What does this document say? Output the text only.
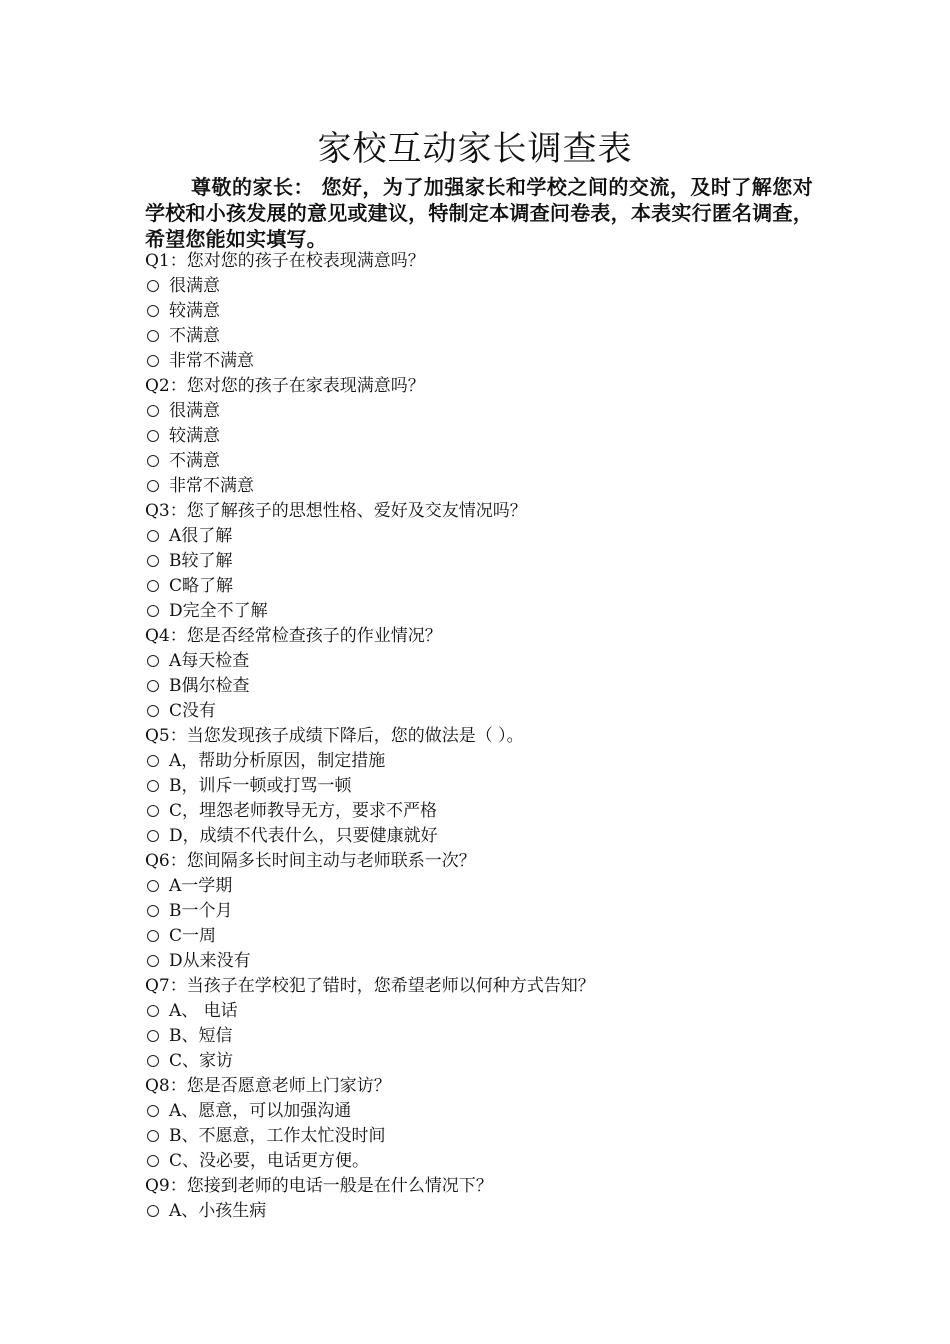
家校互动家长调查表
尊敬的家长： 您好，为了加强家长和学校之间的交流，及时了解您对学校和小孩发展的意见或建议，特制定本调查问卷表，本表实行匿名调查，希望您能如实填写。
Q1：您对您的孩子在校表现满意吗？
很满意
较满意
不满意
非常不满意
Q2：您对您的孩子在家表现满意吗？
很满意
较满意
不满意
非常不满意
Q3：您了解孩子的思想性格、爱好及交友情况吗？
A很了解
B较了解
C略了解
D完全不了解
Q4：您是否经常检查孩子的作业情况？
A每天检查
B偶尔检查
C没有
Q5：当您发现孩子成绩下降后，您的做法是（ ）。
A，帮助分析原因，制定措施
B，训斥一顿或打骂一顿
C，埋怨老师教导无方，要求不严格
D，成绩不代表什么，只要健康就好
Q6：您间隔多长时间主动与老师联系一次？
A一学期
B一个月
C一周
D从来没有
Q7：当孩子在学校犯了错时，您希望老师以何种方式告知？
A、 电话
B、短信
C、家访
Q8：您是否愿意老师上门家访？
A、愿意，可以加强沟通
B、不愿意，工作太忙没时间
C、没必要，电话更方便。
Q9：您接到老师的电话一般是在什么情况下？
A、小孩生病
